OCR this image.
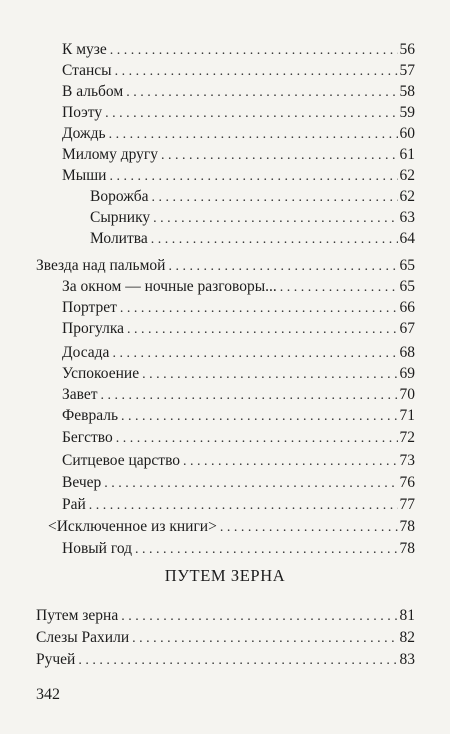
К музе . . .	56
Стансы . . .	57
В альбом . . .	58
Поэту . . .	59
Дождь . . .	60
Милому другу . . .	61
Мыши . . .	62
Ворожба . . .	62
Сырнику . . .	63
Молитва . . .	64
Звезда над пальмой . . .	65
За окном — ночные разговоры... . . .	65
Портрет . . .	66
Прогулка . . .	67
Досада . . .	68
Успокоение . . .	69
Завет . . .	70
Февраль . . .	71
Бегство . . .	72
Ситцевое царство . . .	73
Вечер . . .	76
Рай . . .	77
<Исключенное из книги> . . .	78
Новый год . . .	78
ПУТЕМ ЗЕРНА
Путем зерна . . .	81
Слезы Рахили . . .	82
Ручей . . .	83
342
